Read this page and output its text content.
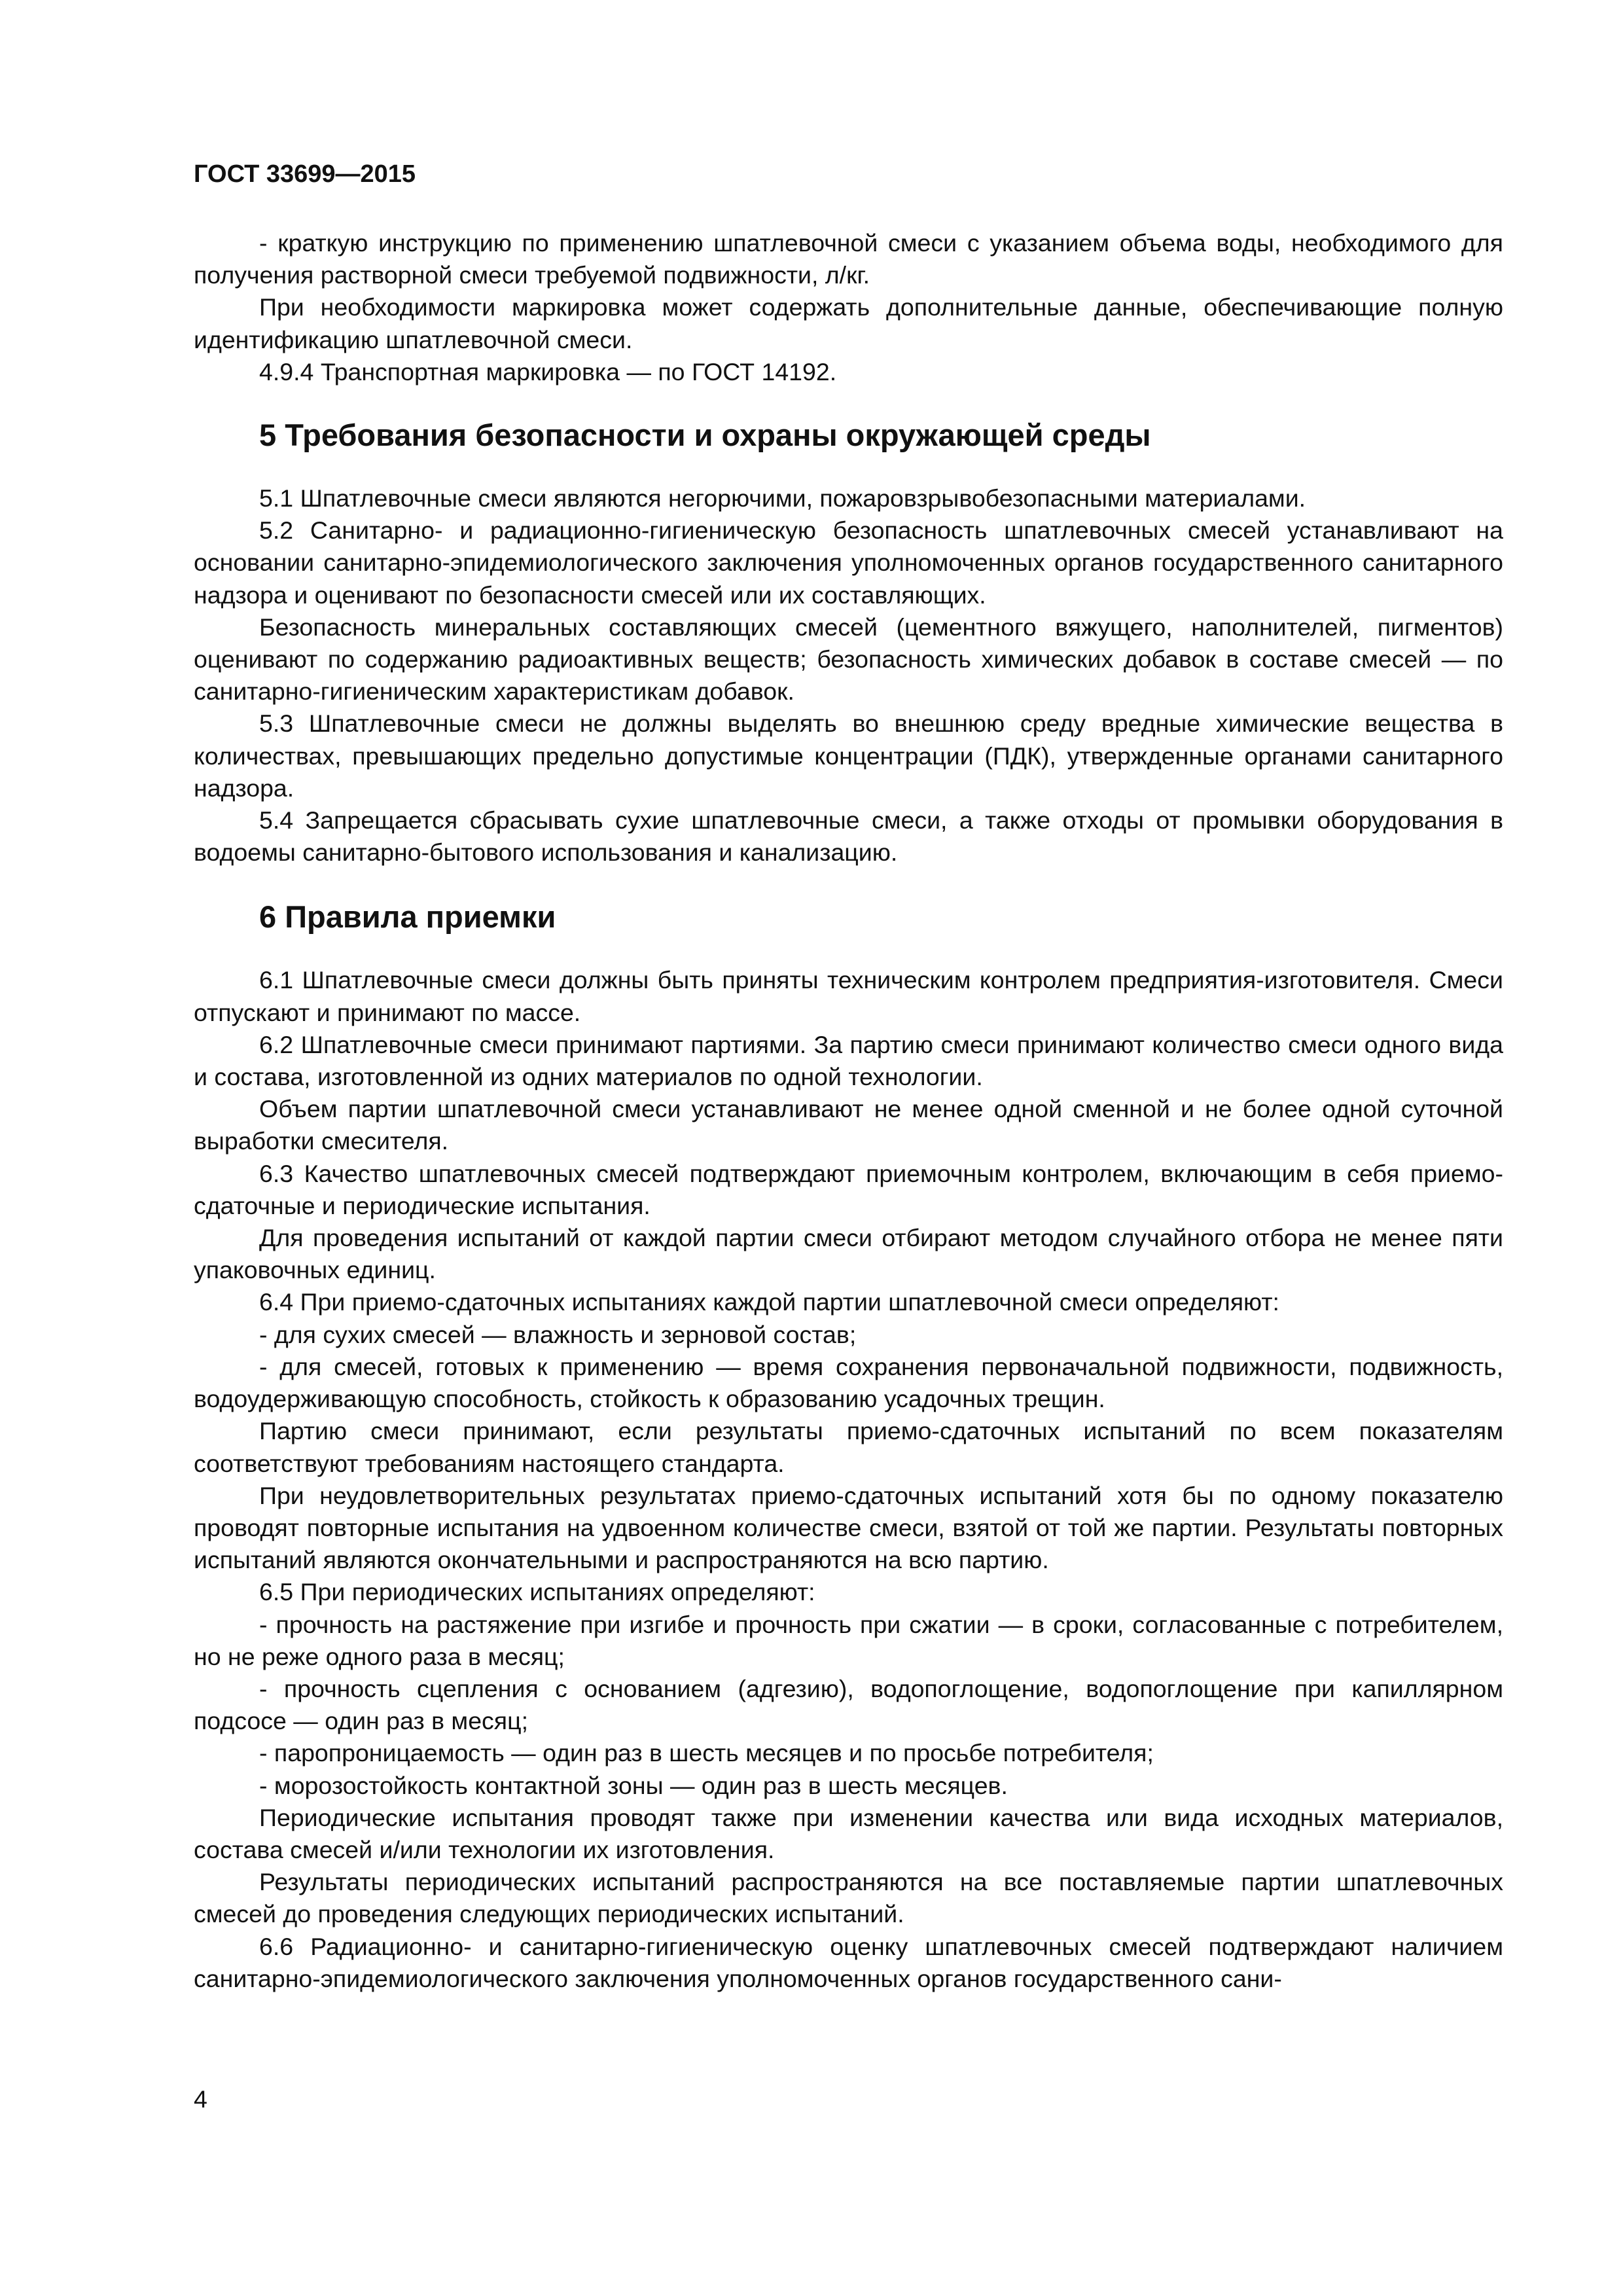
ГОСТ 33699—2015

- краткую инструкцию по применению шпатлевочной смеси с указанием объема воды, необходимого для получения растворной смеси требуемой подвижности, л/кг.

При необходимости маркировка может содержать дополнительные данные, обеспечивающие полную идентификацию шпатлевочной смеси.

4.9.4 Транспортная маркировка — по ГОСТ 14192.

5 Требования безопасности и охраны окружающей среды

5.1 Шпатлевочные смеси являются негорючими, пожаровзрывобезопасными материалами.

5.2 Санитарно- и радиационно-гигиеническую безопасность шпатлевочных смесей устанавливают на основании санитарно-эпидемиологического заключения уполномоченных органов государственного санитарного надзора и оценивают по безопасности смесей или их составляющих.

Безопасность минеральных составляющих смесей (цементного вяжущего, наполнителей, пигментов) оценивают по содержанию радиоактивных веществ; безопасность химических добавок в составе смесей — по санитарно-гигиеническим характеристикам добавок.

5.3 Шпатлевочные смеси не должны выделять во внешнюю среду вредные химические вещества в количествах, превышающих предельно допустимые концентрации (ПДК), утвержденные органами санитарного надзора.

5.4 Запрещается сбрасывать сухие шпатлевочные смеси, а также отходы от промывки оборудования в водоемы санитарно-бытового использования и канализацию.

6 Правила приемки

6.1 Шпатлевочные смеси должны быть приняты техническим контролем предприятия-изготовителя. Смеси отпускают и принимают по массе.

6.2 Шпатлевочные смеси принимают партиями. За партию смеси принимают количество смеси одного вида и состава, изготовленной из одних материалов по одной технологии.

Объем партии шпатлевочной смеси устанавливают не менее одной сменной и не более одной суточной выработки смесителя.

6.3 Качество шпатлевочных смесей подтверждают приемочным контролем, включающим в себя приемо-сдаточные и периодические испытания.

Для проведения испытаний от каждой партии смеси отбирают методом случайного отбора не менее пяти упаковочных единиц.

6.4 При приемо-сдаточных испытаниях каждой партии шпатлевочной смеси определяют:

- для сухих смесей — влажность и зерновой состав;

- для смесей, готовых к применению — время сохранения первоначальной подвижности, подвижность, водоудерживающую способность, стойкость к образованию усадочных трещин.

Партию смеси принимают, если результаты приемо-сдаточных испытаний по всем показателям соответствуют требованиям настоящего стандарта.

При неудовлетворительных результатах приемо-сдаточных испытаний хотя бы по одному показателю проводят повторные испытания на удвоенном количестве смеси, взятой от той же партии. Результаты повторных испытаний являются окончательными и распространяются на всю партию.

6.5 При периодических испытаниях определяют:

- прочность на растяжение при изгибе и прочность при сжатии — в сроки, согласованные с потребителем, но не реже одного раза в месяц;

- прочность сцепления с основанием (адгезию), водопоглощение, водопоглощение при капиллярном подсосе — один раз в месяц;

- паропроницаемость — один раз в шесть месяцев и по просьбе потребителя;

- морозостойкость контактной зоны — один раз в шесть месяцев.

Периодические испытания проводят также при изменении качества или вида исходных материалов, состава смесей и/или технологии их изготовления.

Результаты периодических испытаний распространяются на все поставляемые партии шпатлевочных смесей до проведения следующих периодических испытаний.

6.6 Радиационно- и санитарно-гигиеническую оценку шпатлевочных смесей подтверждают наличием санитарно-эпидемиологического заключения уполномоченных органов государственного сани-

4
